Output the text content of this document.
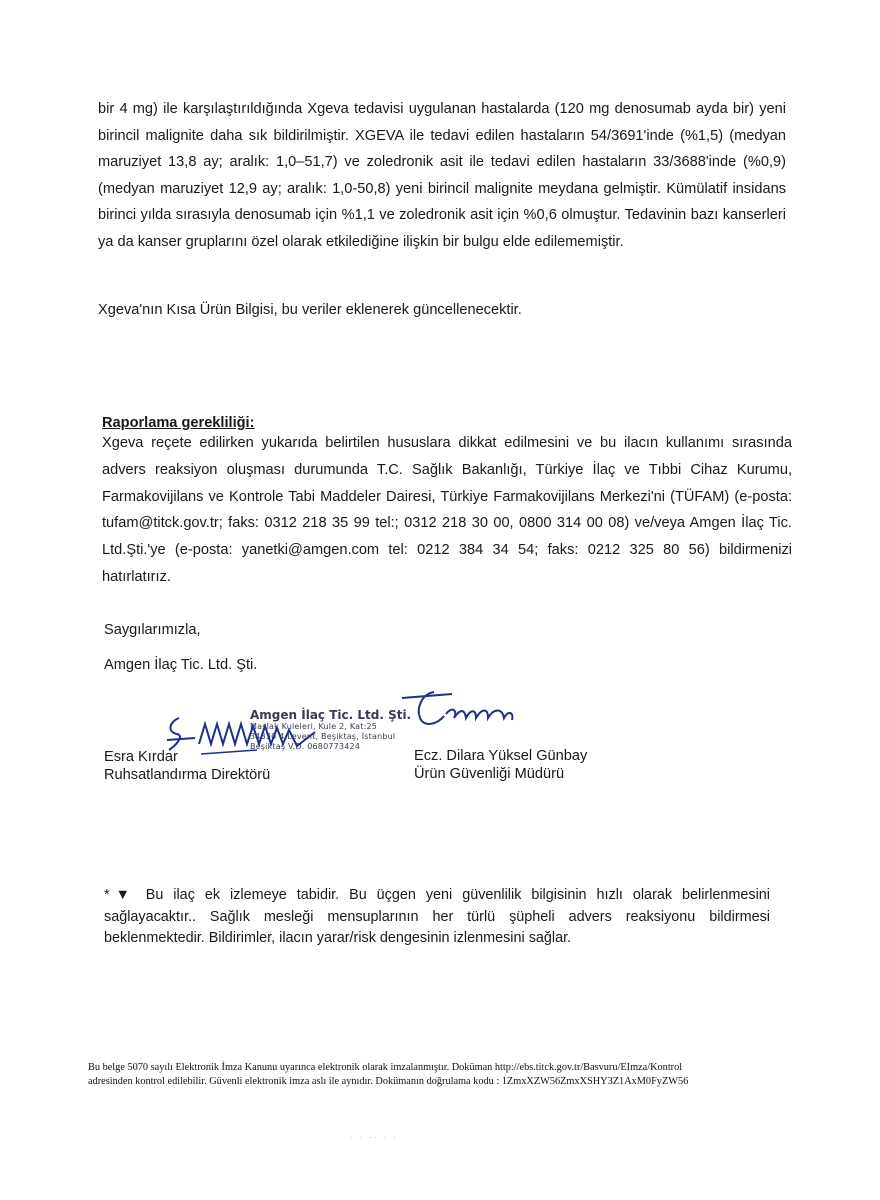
bir 4 mg) ile karşılaştırıldığında Xgeva tedavisi uygulanan hastalarda (120 mg denosumab ayda bir) yeni birincil malignite daha sık bildirilmiştir. XGEVA ile tedavi edilen hastaların 54/3691'inde (%1,5) (medyan maruziyet 13,8 ay; aralık: 1,0–51,7) ve zoledronik asit ile tedavi edilen hastaların 33/3688'inde (%0,9) (medyan maruziyet 12,9 ay; aralık: 1,0-50,8) yeni birincil malignite meydana gelmiştir. Kümülatif insidans birinci yılda sırasıyla denosumab için %1,1 ve zoledronik asit için %0,6 olmuştur. Tedavinin bazı kanserleri ya da kanser gruplarını özel olarak etkilediğine ilişkin bir bulgu elde edilememiştir.
Xgeva'nın Kısa Ürün Bilgisi, bu veriler eklenerek güncellenecektir.
Raporlama gerekliliği:
Xgeva reçete edilirken yukarıda belirtilen hususlara dikkat edilmesini ve bu ilacın kullanımı sırasında advers reaksiyon oluşması durumunda T.C. Sağlık Bakanlığı, Türkiye İlaç ve Tıbbi Cihaz Kurumu, Farmakovijilans ve Kontrole Tabi Maddeler Dairesi, Türkiye Farmakovijilans Merkezi'ni (TÜFAM) (e-posta: tufam@titck.gov.tr; faks: 0312 218 35 99 tel:; 0312 218 30 00, 0800 314 00 08) ve/veya Amgen İlaç Tic. Ltd.Şti.'ye (e-posta: yanetki@amgen.com tel: 0212 384 34 54; faks: 0212 325 80 56) bildirmenizi hatırlatırız.
Saygılarımızla,
Amgen İlaç Tic. Ltd. Şti.
Amgen İlaç Tic. Ltd. Şti.
Maslak Kuleleri, Kule 2, Kat:25
34330 4.Levent, Beşiktaş, İstanbul
Beşiktaş V.D. 0680773424
Esra Kırdar
Ruhsatlandırma Direktörü
Ecz. Dilara Yüksel Günbay
Ürün Güvenliği Müdürü
*▼ Bu ilaç ek izlemeye tabidir. Bu üçgen yeni güvenlilik bilgisinin hızlı olarak belirlenmesini sağlayacaktır.. Sağlık mesleği mensuplarının her türlü şüpheli advers reaksiyonu bildirmesi beklenmektedir. Bildirimler, ilacın yarar/risk dengesinin izlenmesini sağlar.
Bu belge 5070 sayılı Elektronik İmza Kanunu uyarınca elektronik olarak imzalanmıştır. Doküman http://ebs.titck.gov.tr/Basvuru/EImza/Kontrol
adresinden kontrol edilebilir. Güvenli elektronik imza aslı ile aynıdır. Dokümanın doğrulama kodu : 1ZmxXZW56ZmxXSHY3Z1AxM0FyZW56
· · ·· · ·
